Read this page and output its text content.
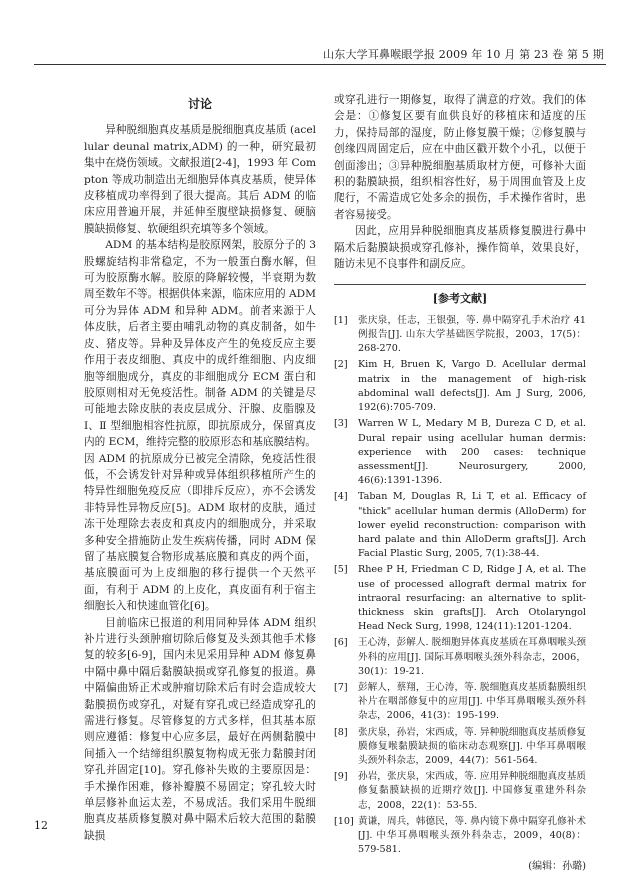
山东大学耳鼻喉眼学报 2009 年 10 月 第 23 卷 第 5 期
讨论

异种脱细胞真皮基质是脱细胞真皮基质 (acellular deunal matrix,ADM) 的一种，研究最初集中在烧伤领域。文献报道[2-4]，1993 年 Compton 等成功制造出无细胞异体真皮基质，使异体皮移植成功率得到了很大提高。其后 ADM 的临床应用普遍开展，并延伸至腹壁缺损修复、硬脑膜缺损修复、软硬组织充填等多个领域。

ADM 的基本结构是胶原网架，胶原分子的 3 股螺旋结构非常稳定，不为一般蛋白酶水解，但可为胶原酶水解。胶原的降解较慢，半衰期为数周至数年不等。根据供体来源，临床应用的 ADM 可分为异体 ADM 和异种 ADM。前者来源于人体皮肤，后者主要由哺乳动物的真皮制备，如牛皮、猪皮等。异种及异体皮产生的免疫反应主要作用于表皮细胞、真皮中的成纤维细胞、内皮细胞等细胞成分，真皮的非细胞成分 ECM 蛋白和胶原则相对无免疫活性。制备 ADM 的关键是尽可能地去除皮肤的表皮层成分、汗腺、皮脂腺及 Ⅰ、Ⅱ 型细胞相容性抗原，即抗原成分，保留真皮内的 ECM，维持完整的胶原形态和基底膜结构。因 ADM 的抗原成分已被完全清除，免疫活性很低，不会诱发针对异种或异体组织移植所产生的特异性细胞免疫反应（即排斥反应），亦不会诱发非特异性异物反应[5]。ADM 取材的皮肤，通过冻干处理除去表皮和真皮内的细胞成分，并采取多种安全措施防止发生疾病传播，同时 ADM 保留了基底膜复合物形成基底膜和真皮的两个面，基底膜面可为上皮细胞的移行提供一个天然平面，有利于 ADM 的上皮化，真皮面有利于宿主细胞长入和快速血管化[6]。

目前临床已报道的利用同种异体 ADM 组织补片进行头颈肿瘤切除后修复及头颈其他手术修复的较多[6-9]，国内未见采用异种 ADM 修复鼻中隔中鼻中隔后黏膜缺损或穿孔修复的报道。鼻中隔偏曲矫正术或肿瘤切除术后有时会造成较大黏膜损伤或穿孔，对疑有穿孔或已经造成穿孔的需进行修复。尽管修复的方式多样，但其基本原则应遵循：修复中心应多层，最好在两侧黏膜中间插入一个结缔组织膜复物构成无张力黏膜封闭穿孔并固定[10]。穿孔修补失败的主要原因是：手术操作困难，修补瓣膜不易固定；穿孔较大时单层修补血运太差，不易成活。我们采用牛脱细胞真皮基质修复膜对鼻中隔术后较大范围的黏膜缺损

或穿孔进行一期修复，取得了满意的疗效。我们的体会是：①修复区要有血供良好的移植床和适度的压力，保持局部的湿度，防止修复膜干燥；②修复膜与创缘四周固定后，应在中曲区戳开数个小孔，以便于创面渗出；③异种脱细胞基质取材方便，可修补大面积的黏膜缺损，组织相容性好，易于周围血管及上皮爬行，不需造成它处多余的损伤，手术操作省时，患者容易接受。

因此，应用异种脱细胞真皮基质修复膜进行鼻中隔术后黏膜缺损或穿孔修补，操作简单，效果良好，随访未见不良事件和副反应。

[参考文献]
[1]	张庆泉，任志，王银强，等. 鼻中隔穿孔手术治疗 41 例报告[J]. 山东大学基础医学院报，2003，17(5)：268-270.
[2]	Kim H, Bruen K, Vargo D. Acellular dermal matrix in the management of high-risk abdominal wall defects[J]. Am J Surg, 2006, 192(6):705-709.
[3]	Warren W L, Medary M B, Dureza C D, et al. Dural repair using acellular human dermis: experience with 200 cases: technique assessment[J]. Neurosurgery, 2000, 46(6):1391-1396.
[4]	Taban M, Douglas R, Li T, et al. Efficacy of "thick" acellular human dermis (AlloDerm) for lower eyelid reconstruction: comparison with hard palate and thin AlloDerm grafts[J]. Arch Facial Plastic Surg, 2005, 7(1):38-44.
[5]	Rhee P H, Friedman C D, Ridge J A, et al. The use of processed allograft dermal matrix for intraoral resurfacing: an alternative to split-thickness skin grafts[J]. Arch Otolaryngol Head Neck Surg, 1998, 124(11):1201-1204.
[6]	王心涛，彭解人. 脱细胞异体真皮基质在耳鼻咽喉头颈外科的应用[J]. 国际耳鼻咽喉头颈外科杂志，2006，30(1)：19-21.
[7]	彭解人，蔡翔，王心涛，等. 脱细胞真皮基质黏膜组织补片在咽部修复中的应用[J]. 中华耳鼻咽喉头颈外科杂志，2006，41(3)：195-199.
[8]	张庆泉，孙岩，宋西成，等. 异种脱细胞真皮基质修复膜修复喉黏膜缺损的临床动态观察[J]. 中华耳鼻咽喉头颈外科杂志，2009，44(7)：561-564.
[9]	孙岩，张庆泉，宋西成，等. 应用异种脱细胞真皮基质修复黏膜缺损的近期疗效[J]. 中国修复重建外科杂志，2008，22(1)：53-55.
[10] 黄谦，周兵，韩德民，等. 鼻内镜下鼻中隔穿孔修补术[J]. 中华耳鼻咽喉头颈外科杂志，2009，40(8)：579-581.
(编辑：孙璐)
12
